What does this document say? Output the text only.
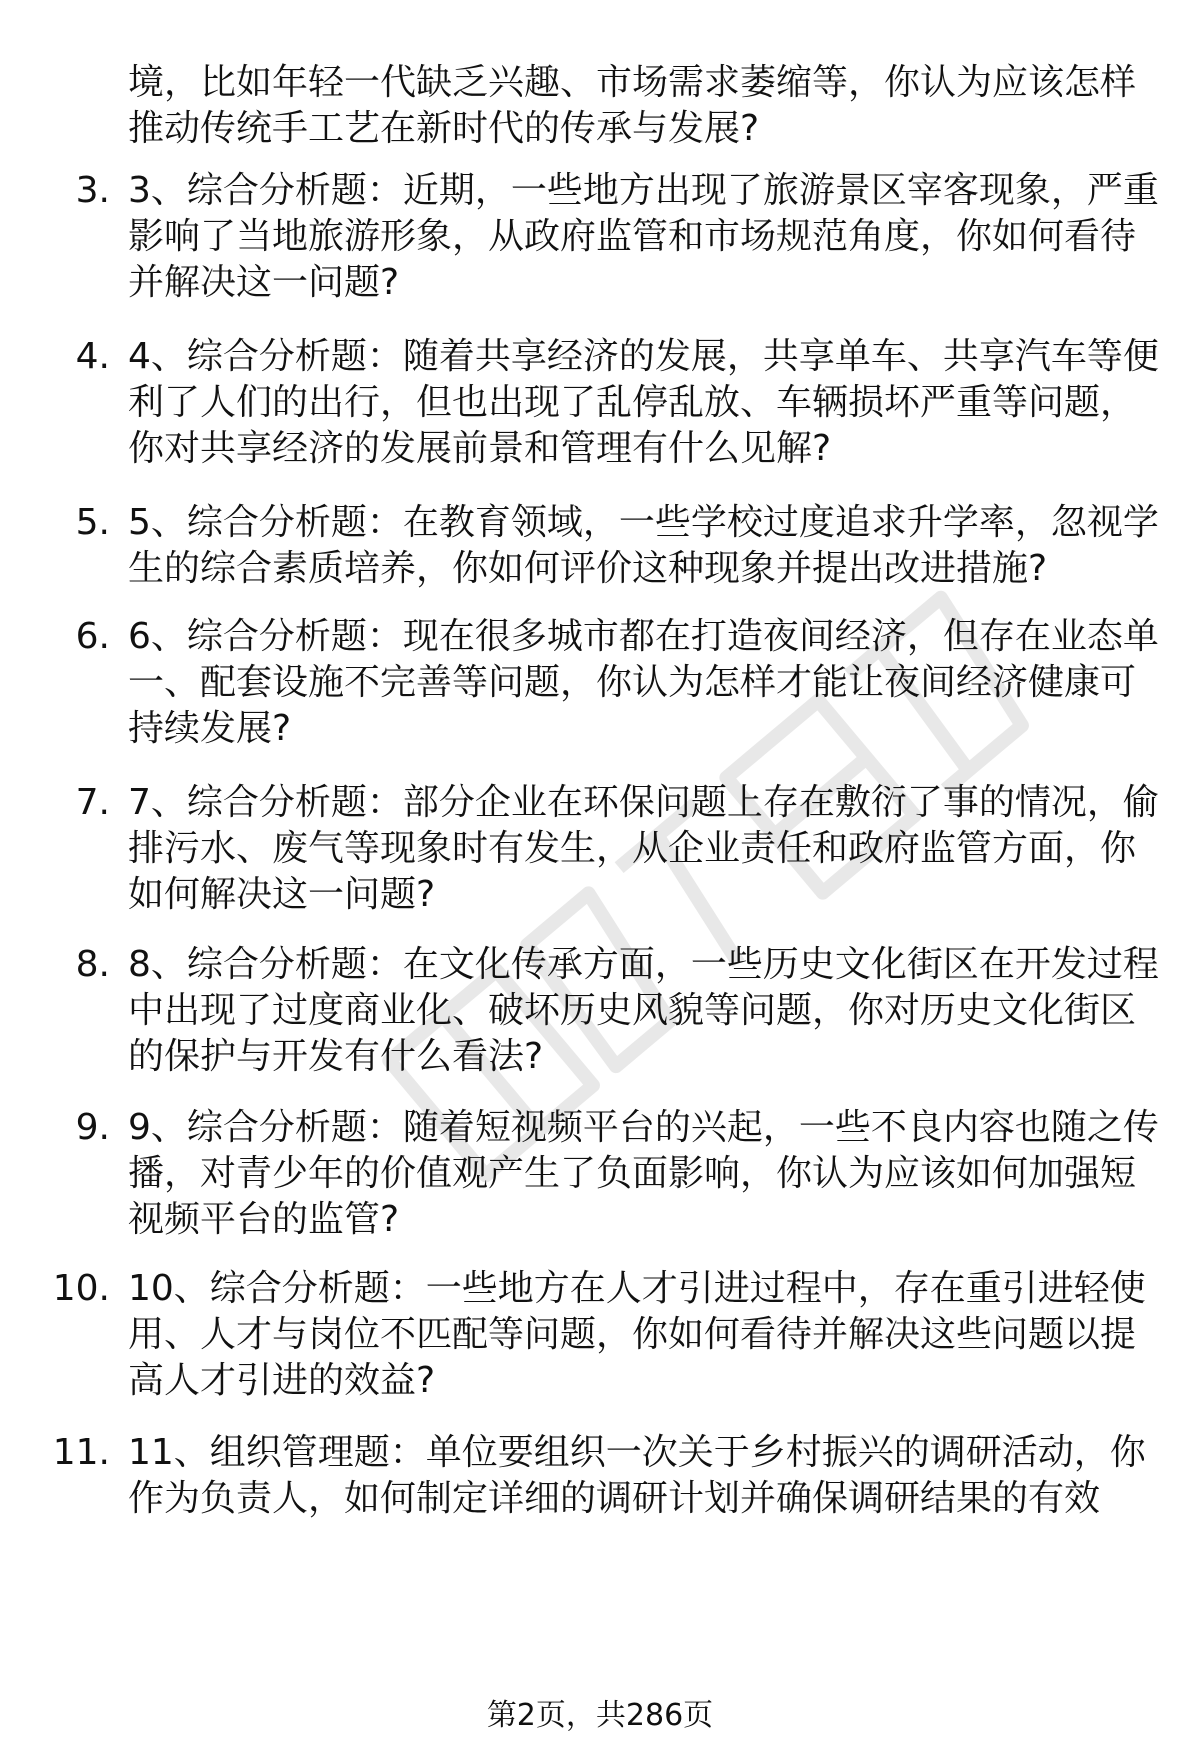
境，比如年轻一代缺乏兴趣、市场需求萎缩等，你认为应该怎样推动传统手工艺在新时代的传承与发展?

3. 3、综合分析题：近期，一些地方出现了旅游景区宰客现象，严重影响了当地旅游形象，从政府监管和市场规范角度，你如何看待并解决这一问题?

4. 4、综合分析题：随着共享经济的发展，共享单车、共享汽车等便利了人们的出行，但也出现了乱停乱放、车辆损坏严重等问题，你对共享经济的发展前景和管理有什么见解?

5. 5、综合分析题：在教育领域，一些学校过度追求升学率，忽视学生的综合素质培养，你如何评价这种现象并提出改进措施?

6. 6、综合分析题：现在很多城市都在打造夜间经济，但存在业态单一、配套设施不完善等问题，你认为怎样才能让夜间经济健康可持续发展?

7. 7、综合分析题：部分企业在环保问题上存在敷衍了事的情况，偷排污水、废气等现象时有发生，从企业责任和政府监管方面，你如何解决这一问题?

8. 8、综合分析题：在文化传承方面，一些历史文化街区在开发过程中出现了过度商业化、破坏历史风貌等问题，你对历史文化街区的保护与开发有什么看法?

9. 9、综合分析题：随着短视频平台的兴起，一些不良内容也随之传播，对青少年的价值观产生了负面影响，你认为应该如何加强短视频平台的监管?

10. 10、综合分析题：一些地方在人才引进过程中，存在重引进轻使用、人才与岗位不匹配等问题，你如何看待并解决这些问题以提高人才引进的效益?

11. 11、组织管理题：单位要组织一次关于乡村振兴的调研活动，你作为负责人，如何制定详细的调研计划并确保调研结果的有效

第2页，共286页
